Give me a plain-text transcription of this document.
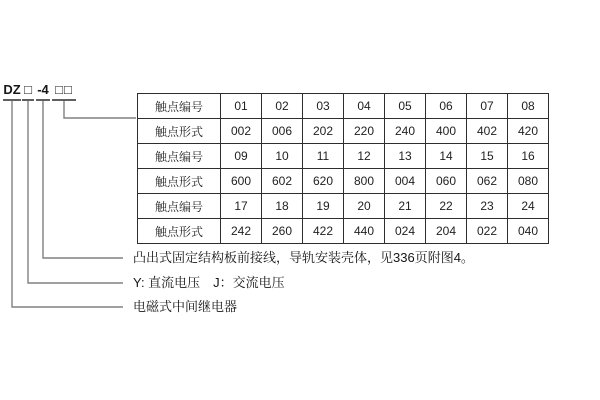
DZ □ -4 □□
触点编号	01	02	03	04	05	06	07	08
触点形式	002	006	202	220	240	400	402	420
触点编号	09	10	11	12	13	14	15	16
触点形式	600	602	620	800	004	060	062	080
触点编号	17	18	19	20	21	22	23	24
触点形式	242	260	422	440	024	204	022	040
凸出式固定结构板前接线，导轨安装壳体，见336页附图4。
Y: 直流电压　J：交流电压
电磁式中间继电器
